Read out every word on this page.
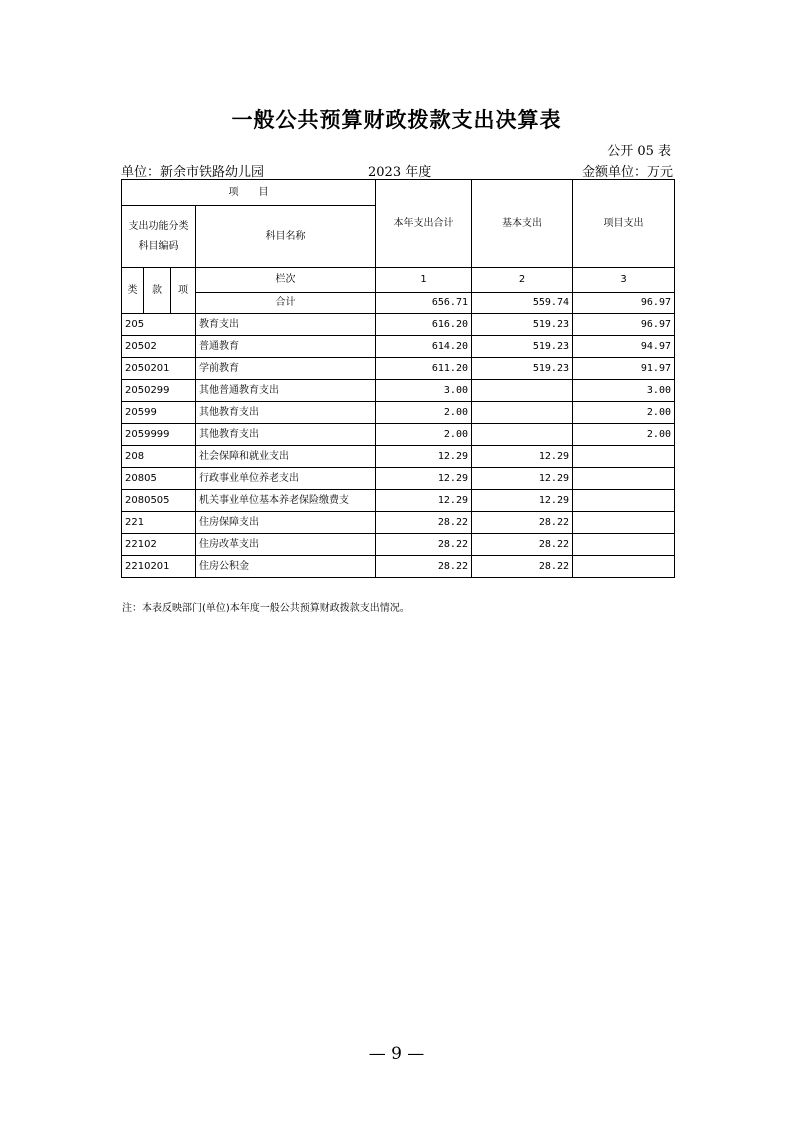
一般公共预算财政拨款支出决算表
公开 05 表
单位：新余市铁路幼儿园	2023 年度	金额单位：万元
项　　目				本年支出合计	基本支出	项目支出
支出功能分类
科目编码			科目名称			
类	款	项	栏次	1	2	3
			合计	656.71	559.74	96.97
205			教育支出	616.20	519.23	96.97
20502			普通教育	614.20	519.23	94.97
2050201			学前教育	611.20	519.23	91.97
2050299			其他普通教育支出	3.00		3.00
20599			其他教育支出	2.00		2.00
2059999			其他教育支出	2.00		2.00
208			社会保障和就业支出	12.29	12.29	
20805			行政事业单位养老支出	12.29	12.29	
2080505			机关事业单位基本养老保险缴费支	12.29	12.29	
221			住房保障支出	28.22	28.22	
22102			住房改革支出	28.22	28.22	
2210201			住房公积金	28.22	28.22	
注：本表反映部门(单位)本年度一般公共预算财政拨款支出情况。
— 9 —
